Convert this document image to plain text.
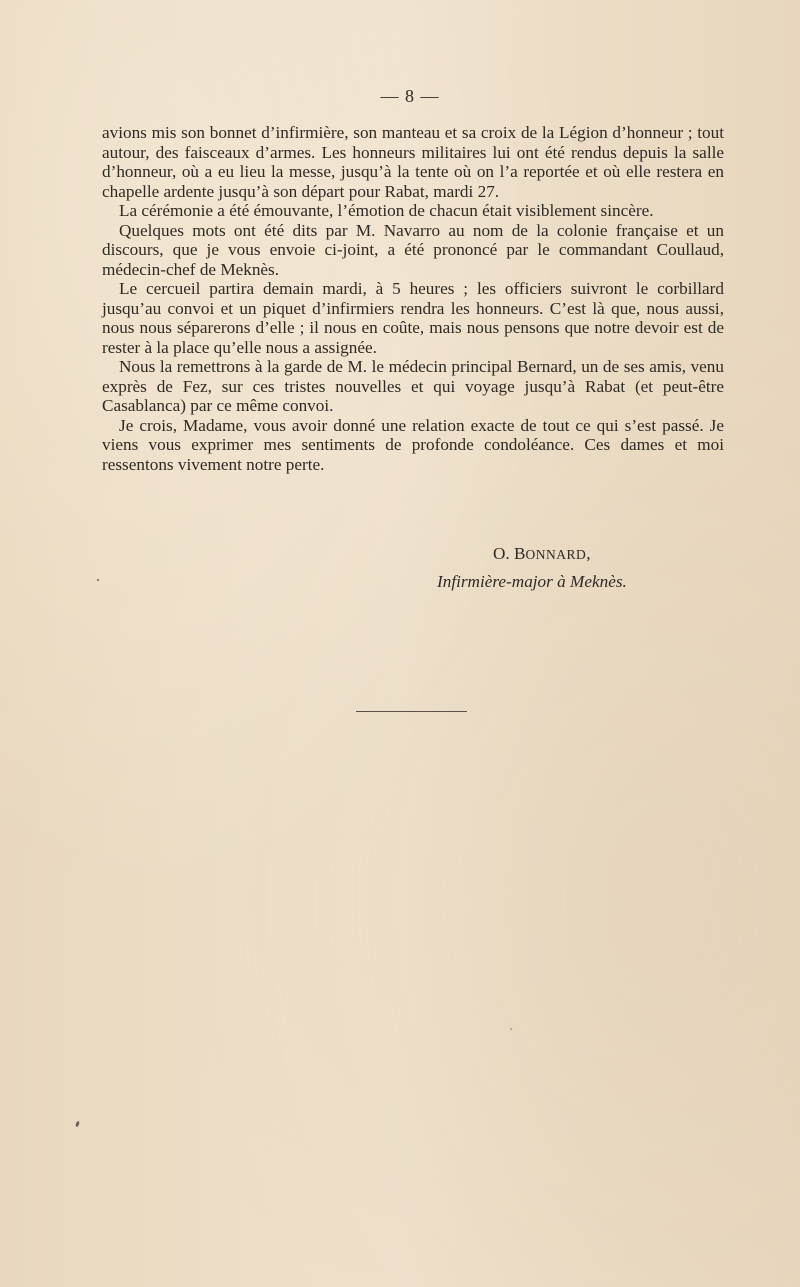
— 8 —

avions mis son bonnet d’infirmière, son manteau et sa croix de la Légion d’honneur ; tout autour, des faisceaux d’armes. Les honneurs militaires lui ont été rendus depuis la salle d’honneur, où a eu lieu la messe, jusqu’à la tente où on l’a reportée et où elle restera en chapelle ardente jusqu’à son départ pour Rabat, mardi 27.

La cérémonie a été émouvante, l’émotion de chacun était visiblement sincère.

Quelques mots ont été dits par M. Navarro au nom de la colonie française et un discours, que je vous envoie ci-joint, a été prononcé par le commandant Coullaud, médecin-chef de Meknès.

Le cercueil partira demain mardi, à 5 heures ; les officiers suivront le corbillard jusqu’au convoi et un piquet d’infirmiers rendra les honneurs. C’est là que, nous aussi, nous nous séparerons d’elle ; il nous en coûte, mais nous pensons que notre devoir est de rester à la place qu’elle nous a assignée.

Nous la remettrons à la garde de M. le médecin principal Bernard, un de ses amis, venu exprès de Fez, sur ces tristes nouvelles et qui voyage jusqu’à Rabat (et peut-être Casablanca) par ce même convoi.

Je crois, Madame, vous avoir donné une relation exacte de tout ce qui s’est passé. Je viens vous exprimer mes sentiments de profonde condoléance. Ces dames et moi ressentons vivement notre perte.

O. BONNARD,
Infirmière-major à Meknès.
